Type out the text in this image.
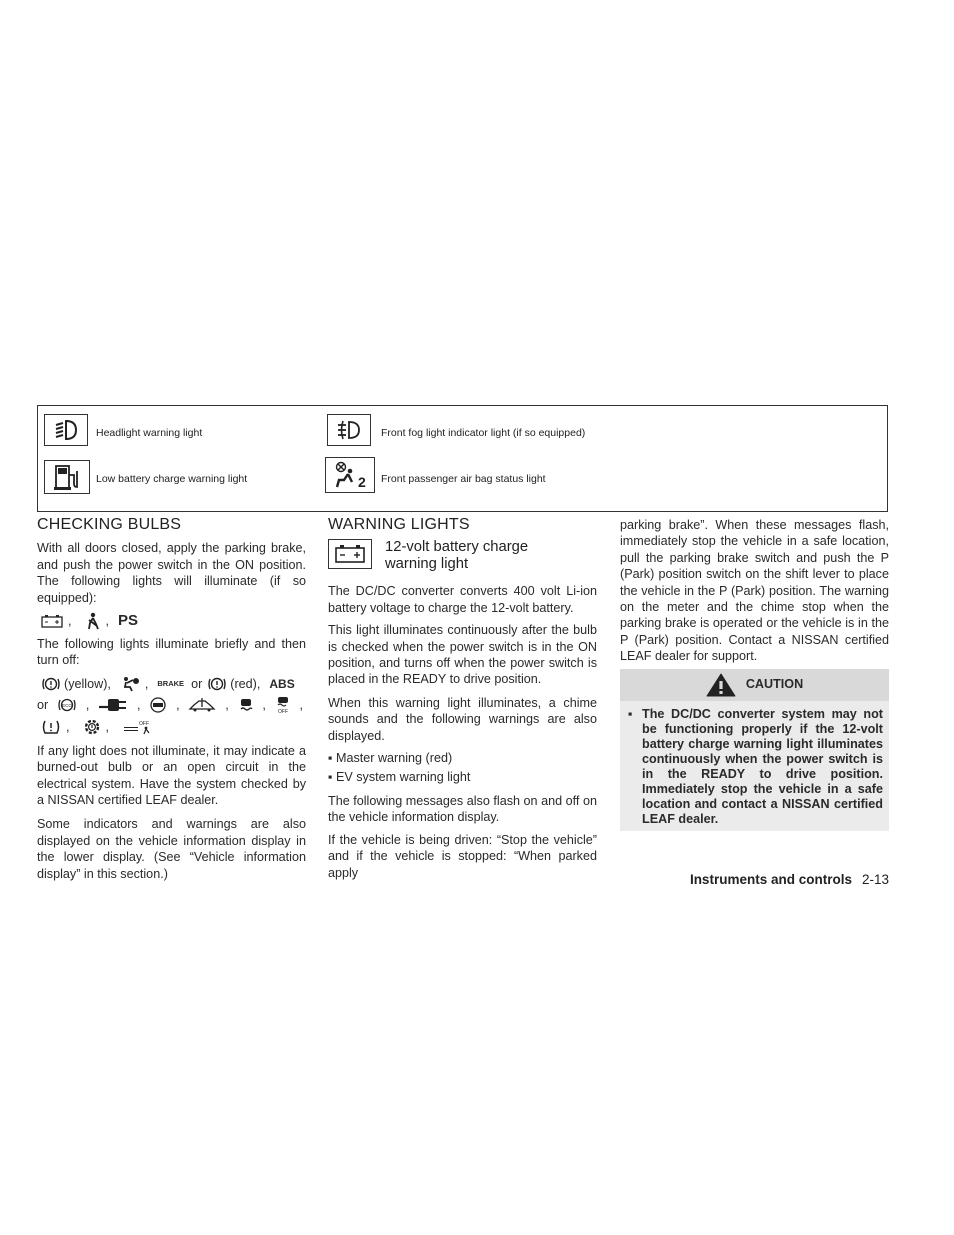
Headlight warning light	Front fog light indicator light (if so equipped)
Low battery charge warning light	2 Front passenger air bag status light
CHECKING BULBS

With all doors closed, apply the parking brake, and push the power switch in the ON position. The following lights will illuminate (if so equipped):

,	, PS

The following lights illuminate briefly and then turn off:

(yellow),	, BRAKE or (red), ABS
or	ECO ,	,	,	,	, OFF ,
,	,	OFF

If any light does not illuminate, it may indicate a burned-out bulb or an open circuit in the electrical system. Have the system checked by a NISSAN certified LEAF dealer.

Some indicators and warnings are also displayed on the vehicle information display in the lower display. (See “Vehicle information display” in this section.)

WARNING LIGHTS
12-volt battery charge warning light

The DC/DC converter converts 400 volt Li-ion battery voltage to charge the 12-volt battery.

This light illuminates continuously after the bulb is checked when the power switch is in the ON position, and turns off when the power switch is placed in the READY to drive position.

When this warning light illuminates, a chime sounds and the following warnings are also displayed.

▪ Master warning (red)
▪ EV system warning light

The following messages also flash on and off on the vehicle information display.

If the vehicle is being driven: “Stop the vehicle” and if the vehicle is stopped: “When parked apply

parking brake”. When these messages flash, immediately stop the vehicle in a safe location, pull the parking brake switch and push the P (Park) position switch on the shift lever to place the vehicle in the P (Park) position. The warning on the meter and the chime stop when the parking brake is operated or the vehicle is in the P (Park) position. Contact a NISSAN certified LEAF dealer for support.

CAUTION
▪ The DC/DC converter system may not be functioning properly if the 12-volt battery charge warning light illuminates continuously when the power switch is in the READY to drive position. Immediately stop the vehicle in a safe location and contact a NISSAN certified LEAF dealer.
Instruments and controls 2-13
